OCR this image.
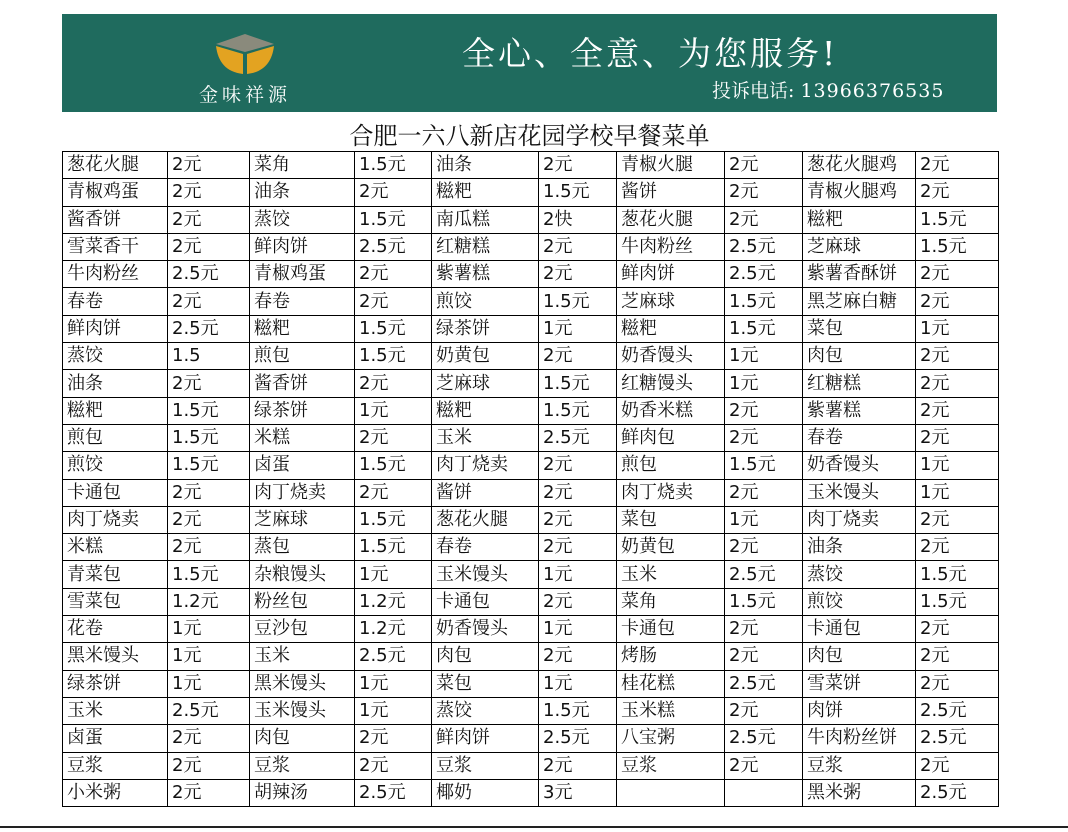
金味祥源
全心、全意、为您服务!
投诉电话: 13966376535
合肥一六八新店花园学校早餐菜单
葱花火腿	2元	菜角	1.5元	油条	2元	青椒火腿	2元	葱花火腿鸡	2元
青椒鸡蛋	2元	油条	2元	糍粑	1.5元	酱饼	2元	青椒火腿鸡	2元
酱香饼	2元	蒸饺	1.5元	南瓜糕	2快	葱花火腿	2元	糍粑	1.5元
雪菜香干	2元	鲜肉饼	2.5元	红糖糕	2元	牛肉粉丝	2.5元	芝麻球	1.5元
牛肉粉丝	2.5元	青椒鸡蛋	2元	紫薯糕	2元	鲜肉饼	2.5元	紫薯香酥饼	2元
春卷	2元	春卷	2元	煎饺	1.5元	芝麻球	1.5元	黑芝麻白糖	2元
鲜肉饼	2.5元	糍粑	1.5元	绿茶饼	1元	糍粑	1.5元	菜包	1元
蒸饺	1.5	煎包	1.5元	奶黄包	2元	奶香馒头	1元	肉包	2元
油条	2元	酱香饼	2元	芝麻球	1.5元	红糖馒头	1元	红糖糕	2元
糍粑	1.5元	绿茶饼	1元	糍粑	1.5元	奶香米糕	2元	紫薯糕	2元
煎包	1.5元	米糕	2元	玉米	2.5元	鲜肉包	2元	春卷	2元
煎饺	1.5元	卤蛋	1.5元	肉丁烧卖	2元	煎包	1.5元	奶香馒头	1元
卡通包	2元	肉丁烧卖	2元	酱饼	2元	肉丁烧卖	2元	玉米馒头	1元
肉丁烧卖	2元	芝麻球	1.5元	葱花火腿	2元	菜包	1元	肉丁烧卖	2元
米糕	2元	蒸包	1.5元	春卷	2元	奶黄包	2元	油条	2元
青菜包	1.5元	杂粮馒头	1元	玉米馒头	1元	玉米	2.5元	蒸饺	1.5元
雪菜包	1.2元	粉丝包	1.2元	卡通包	2元	菜角	1.5元	煎饺	1.5元
花卷	1元	豆沙包	1.2元	奶香馒头	1元	卡通包	2元	卡通包	2元
黑米馒头	1元	玉米	2.5元	肉包	2元	烤肠	2元	肉包	2元
绿茶饼	1元	黑米馒头	1元	菜包	1元	桂花糕	2.5元	雪菜饼	2元
玉米	2.5元	玉米馒头	1元	蒸饺	1.5元	玉米糕	2元	肉饼	2.5元
卤蛋	2元	肉包	2元	鲜肉饼	2.5元	八宝粥	2.5元	牛肉粉丝饼	2.5元
豆浆	2元	豆浆	2元	豆浆	2元	豆浆	2元	豆浆	2元
小米粥	2元	胡辣汤	2.5元	椰奶	3元			黑米粥	2.5元
